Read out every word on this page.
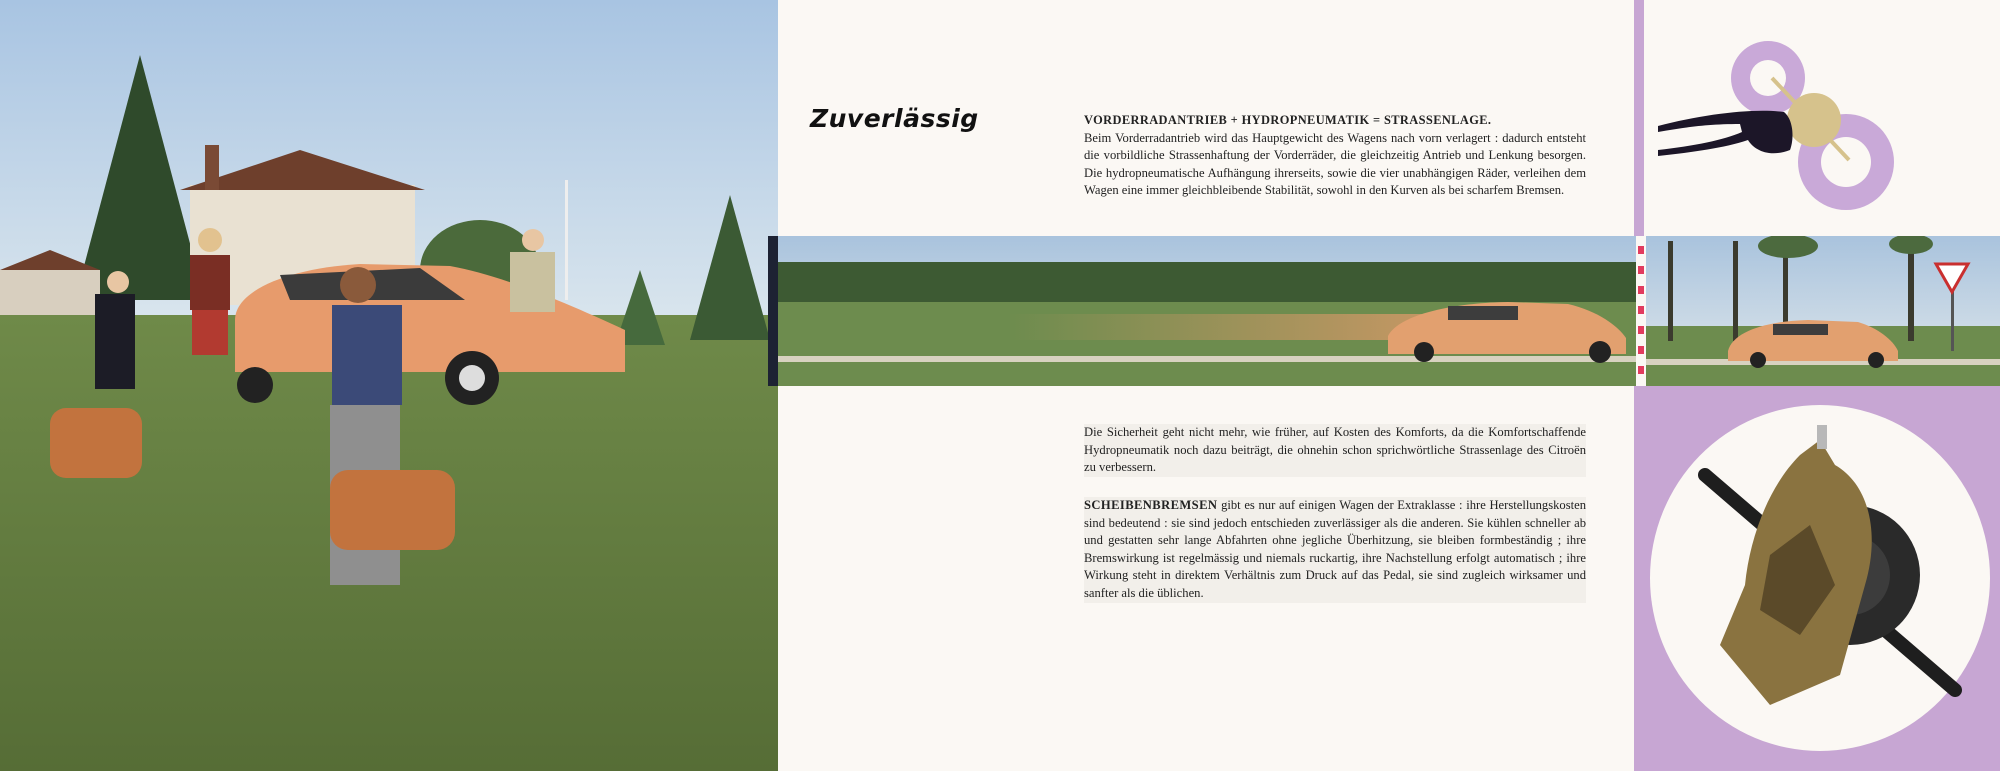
Zuverlässig	VORDERRADANTRIEB + HYDROPNEUMATIK = STRASSENLAGE.
Beim Vorderradantrieb wird das Hauptgewicht des Wagens nach vorn verlagert : dadurch entsteht die vorbildliche Strassenhaftung der Vorderräder, die gleichzeitig Antrieb und Lenkung besorgen. Die hydropneumatische Aufhängung ihrerseits, sowie die vier unabhängigen Räder, verleihen dem Wagen eine immer gleichbleibende Stabilität, sowohl in den Kurven als bei scharfem Bremsen.

Die Sicherheit geht nicht mehr, wie früher, auf Kosten des Komforts, da die Komfortschaffende Hydropneumatik noch dazu beiträgt, die ohnehin schon sprichwörtliche Strassenlage des Citroën zu verbessern.

SCHEIBENBREMSEN gibt es nur auf einigen Wagen der Extraklasse : ihre Herstellungskosten sind bedeutend : sie sind jedoch entschieden zuverlässiger als die anderen. Sie kühlen schneller ab und gestatten sehr lange Abfahrten ohne jegliche Überhitzung, sie bleiben formbeständig ; ihre Bremswirkung ist regelmässig und niemals ruckartig, ihre Nachstellung erfolgt automatisch ; ihre Wirkung steht in direktem Verhältnis zum Druck auf das Pedal, sie sind zugleich wirksamer und sanfter als die üblichen.
